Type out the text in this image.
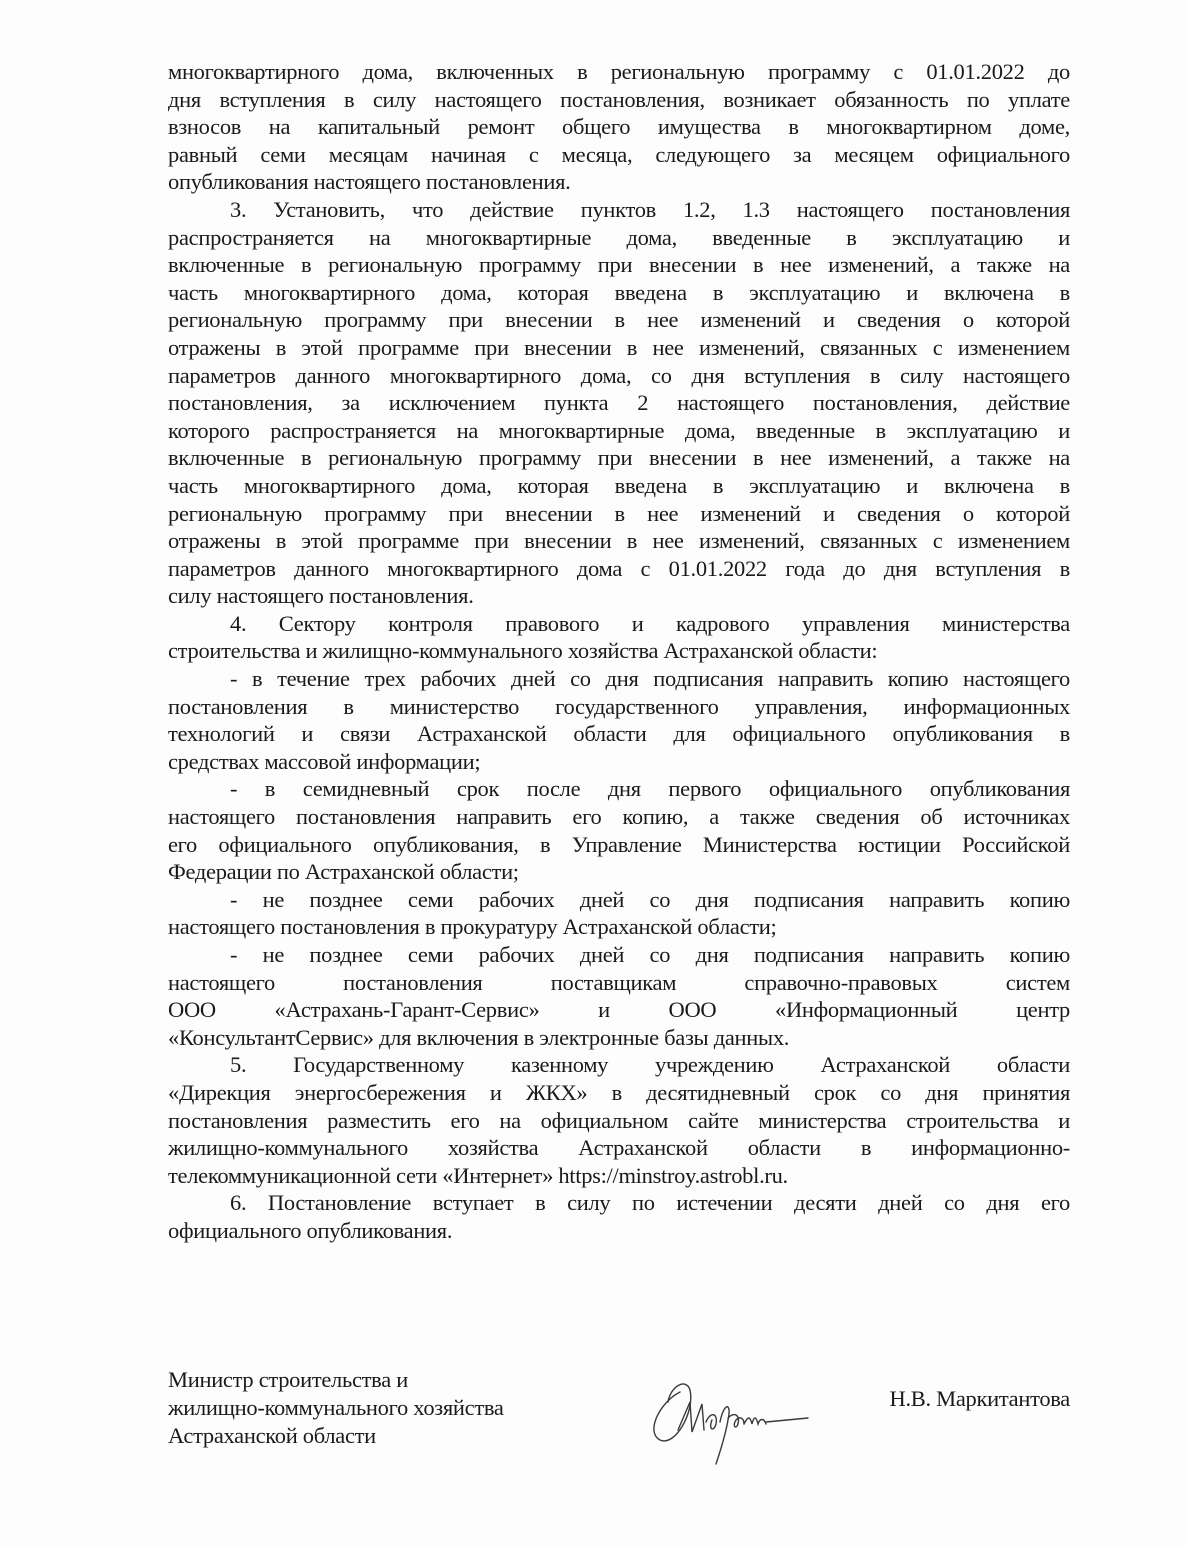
многоквартирного дома, включенных в региональную программу с 01.01.2022 до
дня вступления в силу настоящего постановления, возникает обязанность по уплате
взносов на капитальный ремонт общего имущества в многоквартирном доме,
равный семи месяцам начиная с месяца, следующего за месяцем официального
опубликования настоящего постановления.
3. Установить, что действие пунктов 1.2, 1.3 настоящего постановления
распространяется на многоквартирные дома, введенные в эксплуатацию и
включенные в региональную программу при внесении в нее изменений, а также на
часть многоквартирного дома, которая введена в эксплуатацию и включена в
региональную программу при внесении в нее изменений и сведения о которой
отражены в этой программе при внесении в нее изменений, связанных с изменением
параметров данного многоквартирного дома, со дня вступления в силу настоящего
постановления, за исключением пункта 2 настоящего постановления, действие
которого распространяется на многоквартирные дома, введенные в эксплуатацию и
включенные в региональную программу при внесении в нее изменений, а также на
часть многоквартирного дома, которая введена в эксплуатацию и включена в
региональную программу при внесении в нее изменений и сведения о которой
отражены в этой программе при внесении в нее изменений, связанных с изменением
параметров данного многоквартирного дома с 01.01.2022 года до дня вступления в
силу настоящего постановления.
4. Сектору контроля правового и кадрового управления министерства
строительства и жилищно-коммунального хозяйства Астраханской области:
- в течение трех рабочих дней со дня подписания направить копию настоящего
постановления в министерство государственного управления, информационных
технологий и связи Астраханской области для официального опубликования в
средствах массовой информации;
- в семидневный срок после дня первого официального опубликования
настоящего постановления направить его копию, а также сведения об источниках
его официального опубликования, в Управление Министерства юстиции Российской
Федерации по Астраханской области;
- не позднее семи рабочих дней со дня подписания направить копию
настоящего постановления в прокуратуру Астраханской области;
- не позднее семи рабочих дней со дня подписания направить копию
настоящего постановления поставщикам справочно-правовых систем
ООО «Астрахань-Гарант-Сервис» и ООО «Информационный центр
«КонсультантСервис» для включения в электронные базы данных.
5. Государственному казенному учреждению Астраханской области
«Дирекция энергосбережения и ЖКХ» в десятидневный срок со дня принятия
постановления разместить его на официальном сайте министерства строительства и
жилищно-коммунального хозяйства Астраханской области в информационно-
телекоммуникационной сети «Интернет» https://minstroy.astrobl.ru.
6. Постановление вступает в силу по истечении десяти дней со дня его
официального опубликования.
Министр строительства и
жилищно-коммунального хозяйства
Астраханской области
Н.В. Маркитантова
